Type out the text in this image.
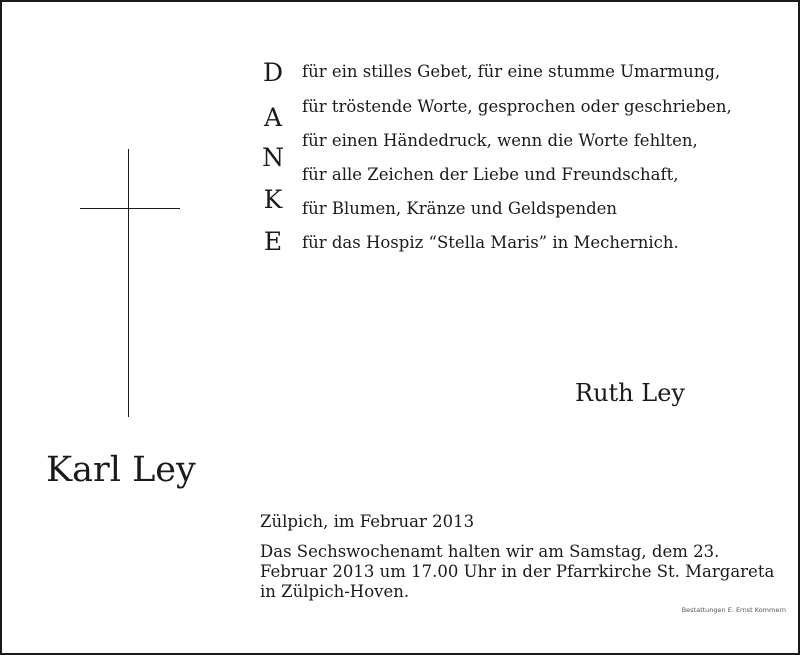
D
A
N
K
E
für ein stilles Gebet, für eine stumme Umarmung,
für tröstende Worte, gesprochen oder geschrieben,
für einen Händedruck, wenn die Worte fehlten,
für alle Zeichen der Liebe und Freundschaft,
für Blumen, Kränze und Geldspenden
für das Hospiz “Stella Maris” in Mechernich.
Ruth Ley
Karl Ley
Zülpich, im Februar 2013
Das Sechswochenamt halten wir am Samstag, dem 23. Februar 2013 um 17.00 Uhr in der Pfarrkirche St. Margareta in Zülpich-Hoven.
Bestattungen E. Ernst Kommern
